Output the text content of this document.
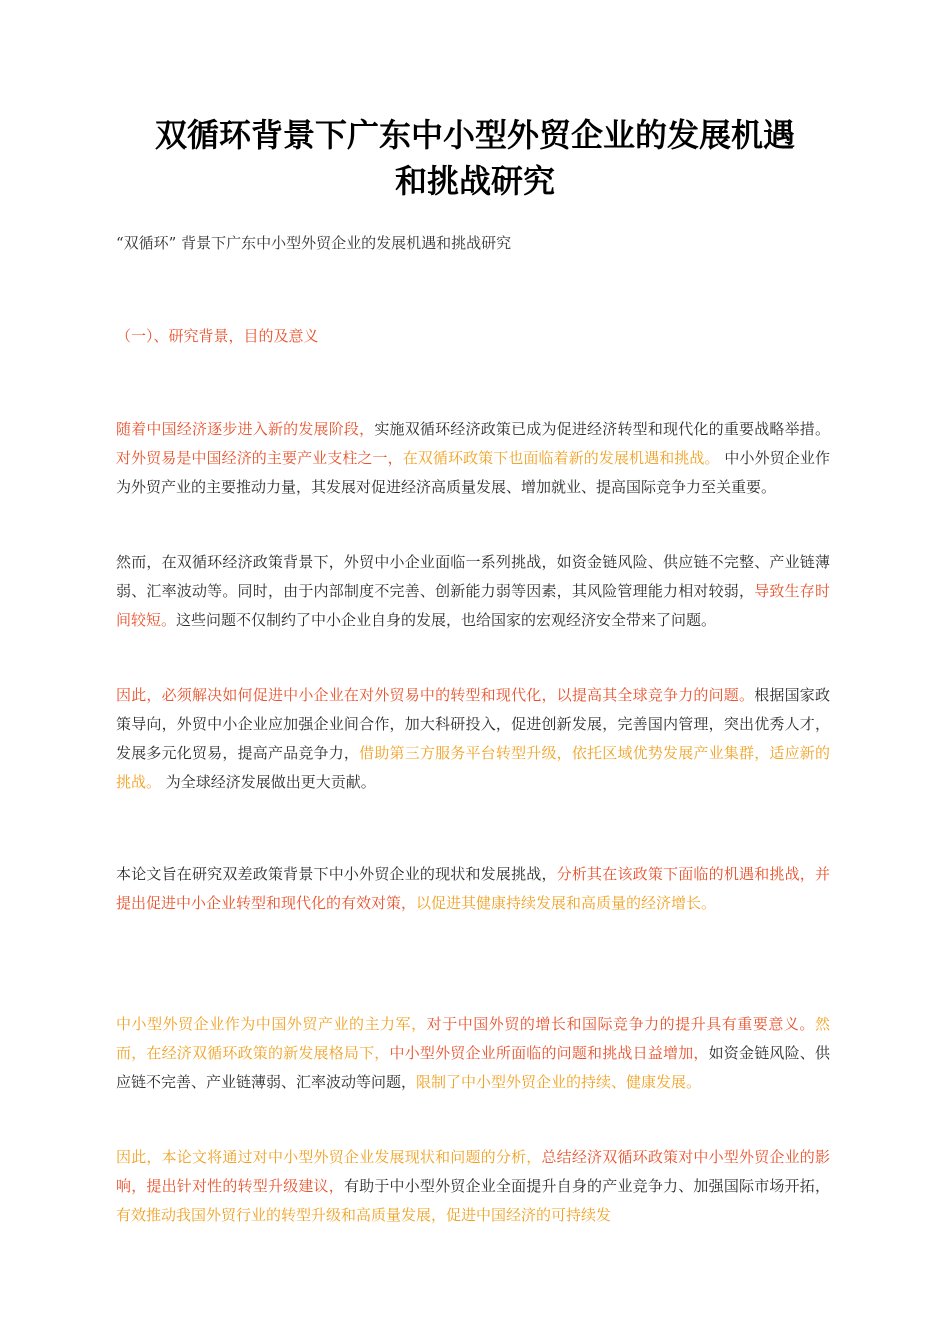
双循环背景下广东中小型外贸企业的发展机遇
和挑战研究
“双循环” 背景下广东中小型外贸企业的发展机遇和挑战研究
（一）、研究背景，目的及意义
随着中国经济逐步进入新的发展阶段，实施双循环经济政策已成为促进经济转型和现代化的重要战略举措。对外贸易是中国经济的主要产业支柱之一，在双循环政策下也面临着新的发展机遇和挑战。 中小外贸企业作为外贸产业的主要推动力量，其发展对促进经济高质量发展、增加就业、提高国际竞争力至关重要。
然而，在双循环经济政策背景下，外贸中小企业面临一系列挑战，如资金链风险、供应链不完整、产业链薄弱、汇率波动等。同时，由于内部制度不完善、创新能力弱等因素，其风险管理能力相对较弱，导致生存时间较短。这些问题不仅制约了中小企业自身的发展，也给国家的宏观经济安全带来了问题。
因此，必须解决如何促进中小企业在对外贸易中的转型和现代化，以提高其全球竞争力的问题。根据国家政策导向，外贸中小企业应加强企业间合作，加大科研投入，促进创新发展，完善国内管理，突出优秀人才，发展多元化贸易，提高产品竞争力，借助第三方服务平台转型升级，依托区域优势发展产业集群，适应新的挑战。 为全球经济发展做出更大贡献。
本论文旨在研究双差政策背景下中小外贸企业的现状和发展挑战，分析其在该政策下面临的机遇和挑战，并提出促进中小企业转型和现代化的有效对策，以促进其健康持续发展和高质量的经济增长。
中小型外贸企业作为中国外贸产业的主力军，对于中国外贸的增长和国际竞争力的提升具有重要意义。然而，在经济双循环政策的新发展格局下，中小型外贸企业所面临的问题和挑战日益增加，如资金链风险、供应链不完善、产业链薄弱、汇率波动等问题，限制了中小型外贸企业的持续、健康发展。
因此，本论文将通过对中小型外贸企业发展现状和问题的分析，总结经济双循环政策对中小型外贸企业的影响，提出针对性的转型升级建议，有助于中小型外贸企业全面提升自身的产业竞争力、加强国际市场开拓，有效推动我国外贸行业的转型升级和高质量发展，促进中国经济的可持续发
